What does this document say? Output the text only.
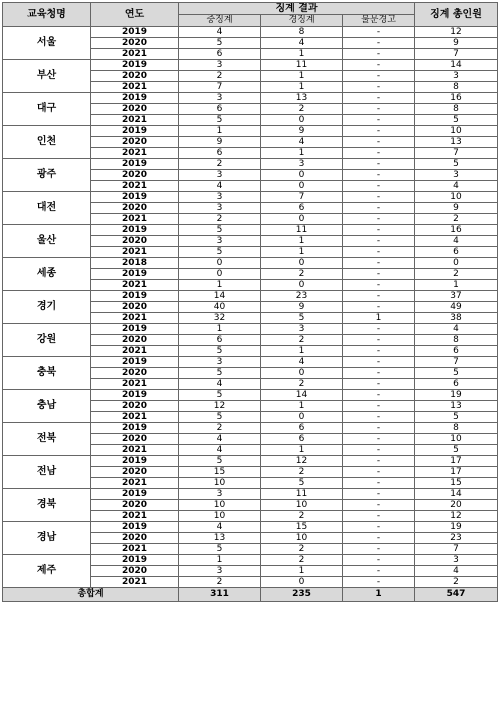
교육청명	연도	징계 결과			징계 총인원
		중징계	경징계	불문경고	
서울	2019	4	8	-	12
	2020	5	4	-	9
	2021	6	1	-	7
부산	2019	3	11	-	14
	2020	2	1	-	3
	2021	7	1	-	8
대구	2019	3	13	-	16
	2020	6	2	-	8
	2021	5	0	-	5
인천	2019	1	9	-	10
	2020	9	4	-	13
	2021	6	1	-	7
광주	2019	2	3	-	5
	2020	3	0	-	3
	2021	4	0	-	4
대전	2019	3	7	-	10
	2020	3	6	-	9
	2021	2	0	-	2
울산	2019	5	11	-	16
	2020	3	1	-	4
	2021	5	1	-	6
세종	2018	0	0	-	0
	2019	0	2	-	2
	2021	1	0	-	1
경기	2019	14	23	-	37
	2020	40	9	-	49
	2021	32	5	1	38
강원	2019	1	3	-	4
	2020	6	2	-	8
	2021	5	1	-	6
충북	2019	3	4	-	7
	2020	5	0	-	5
	2021	4	2	-	6
충남	2019	5	14	-	19
	2020	12	1	-	13
	2021	5	0	-	5
전북	2019	2	6	-	8
	2020	4	6	-	10
	2021	4	1	-	5
전남	2019	5	12	-	17
	2020	15	2	-	17
	2021	10	5	-	15
경북	2019	3	11	-	14
	2020	10	10	-	20
	2021	10	2	-	12
경남	2019	4	15	-	19
	2020	13	10	-	23
	2021	5	2	-	7
제주	2019	1	2	-	3
	2020	3	1	-	4
	2021	2	0	-	2
총합계		311	235	1	547
